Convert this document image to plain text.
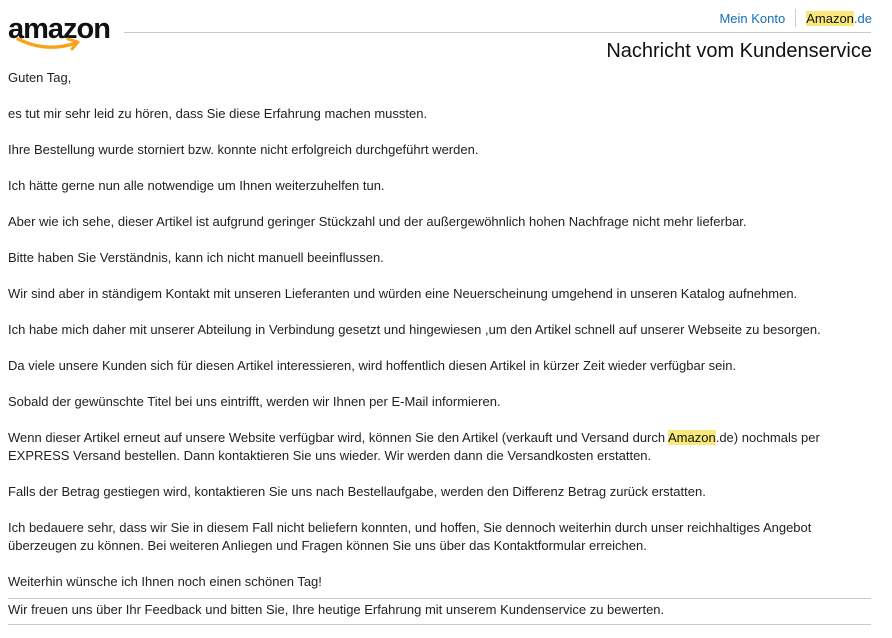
amazon	Mein Konto Amazon.de
Nachricht vom Kundenservice

Guten Tag,

es tut mir sehr leid zu hören, dass Sie diese Erfahrung machen mussten.

Ihre Bestellung wurde storniert bzw. konnte nicht erfolgreich durchgeführt werden.

Ich hätte gerne nun alle notwendige um Ihnen weiterzuhelfen tun.

Aber wie ich sehe, dieser Artikel ist aufgrund geringer Stückzahl und der außergewöhnlich hohen Nachfrage nicht mehr lieferbar.

Bitte haben Sie Verständnis, kann ich nicht manuell beeinflussen.

Wir sind aber in ständigem Kontakt mit unseren Lieferanten und würden eine Neuerscheinung umgehend in unseren Katalog aufnehmen.

Ich habe mich daher mit unserer Abteilung in Verbindung gesetzt und hingewiesen ,um den Artikel schnell auf unserer Webseite zu besorgen.

Da viele unsere Kunden sich für diesen Artikel interessieren, wird hoffentlich diesen Artikel in kürzer Zeit wieder verfügbar sein.

Sobald der gewünschte Titel bei uns eintrifft, werden wir Ihnen per E-Mail informieren.

Wenn dieser Artikel erneut auf unsere Website verfügbar wird, können Sie den Artikel (verkauft und Versand durch Amazon.de) nochmals per EXPRESS Versand bestellen. Dann kontaktieren Sie uns wieder. Wir werden dann die Versandkosten erstatten.

Falls der Betrag gestiegen wird, kontaktieren Sie uns nach Bestellaufgabe, werden den Differenz Betrag zurück erstatten.

Ich bedauere sehr, dass wir Sie in diesem Fall nicht beliefern konnten, und hoffen, Sie dennoch weiterhin durch unser reichhaltiges Angebot überzeugen zu können. Bei weiteren Anliegen und Fragen können Sie uns über das Kontaktformular erreichen.

Weiterhin wünsche ich Ihnen noch einen schönen Tag!

Wir freuen uns über Ihr Feedback und bitten Sie, Ihre heutige Erfahrung mit unserem Kundenservice zu bewerten.
